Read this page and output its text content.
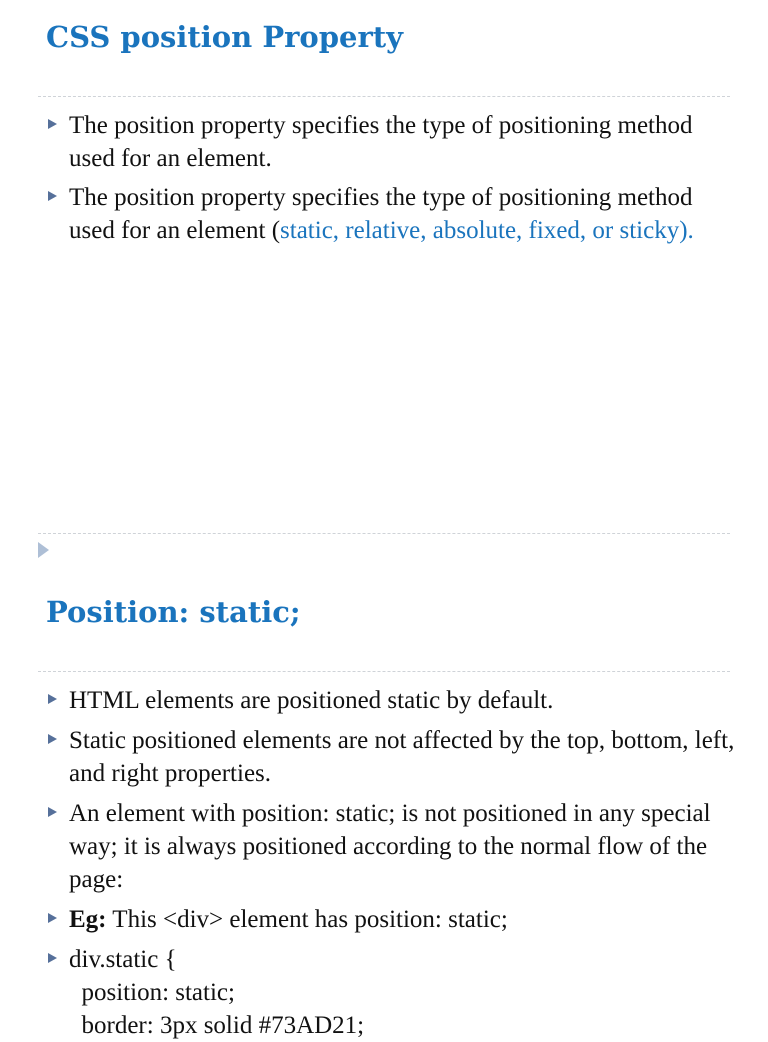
CSS position Property
The position property specifies the type of positioning method used for an element.
The position property specifies the type of positioning method used for an element (static, relative, absolute, fixed, or sticky).
Position: static;
HTML elements are positioned static by default.
Static positioned elements are not affected by the top, bottom, left, and right properties.
An element with position: static; is not positioned in any special way; it is always positioned according to the normal flow of the page:
Eg: This <div> element has position: static;
div.static {
position: static;
border: 3px solid #73AD21;
